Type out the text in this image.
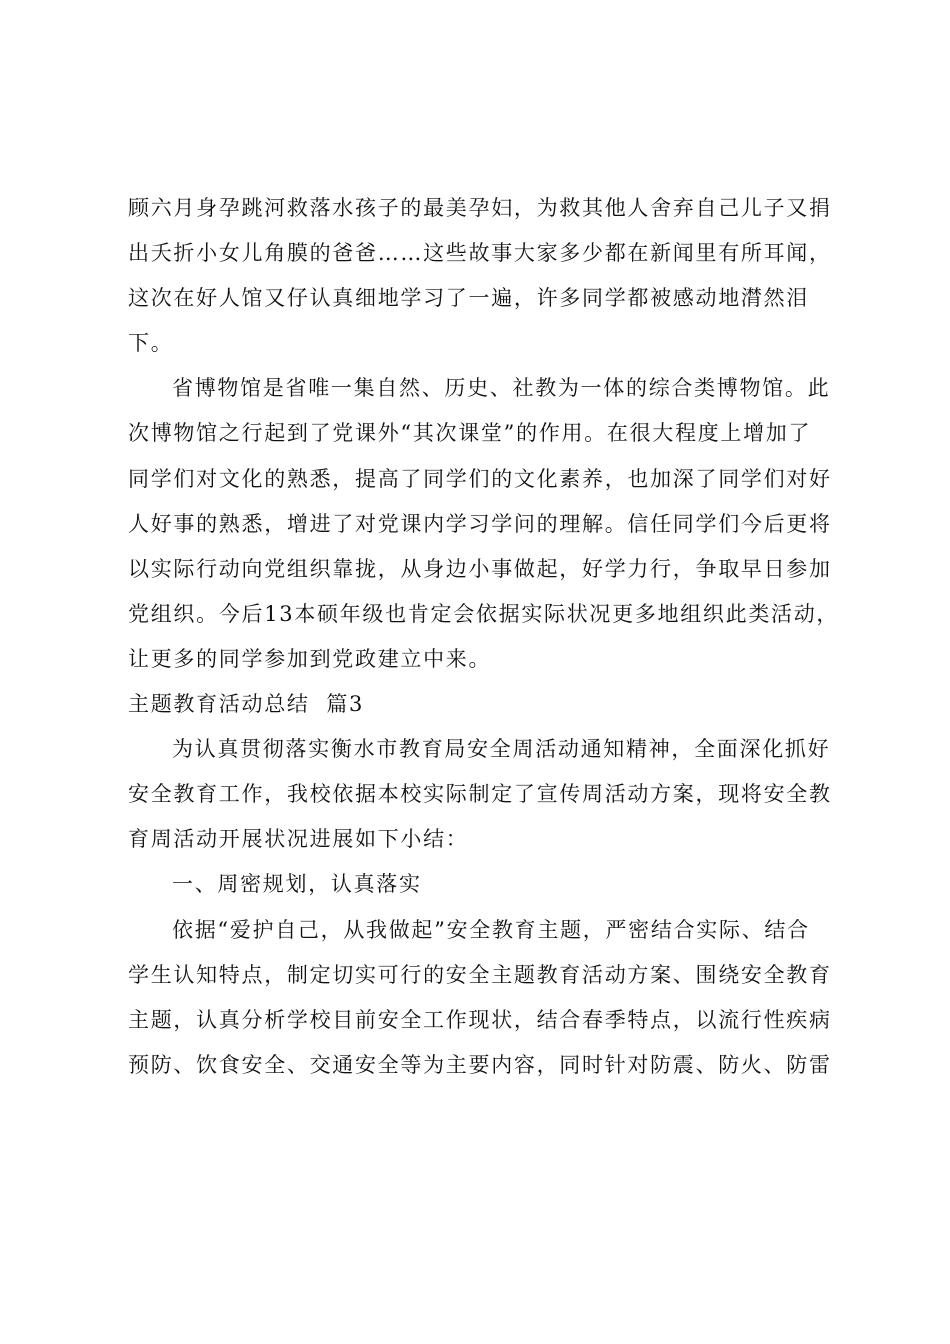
顾六月身孕跳河救落水孩子的最美孕妇，为救其他人舍弃自己儿子又捐
出夭折小女儿角膜的爸爸……这些故事大家多少都在新闻里有所耳闻，
这次在好人馆又仔认真细地学习了一遍，许多同学都被感动地潸然泪
下。

省博物馆是省唯一集自然、历史、社教为一体的综合类博物馆。此
次博物馆之行起到了党课外“其次课堂”的作用。在很大程度上增加了
同学们对文化的熟悉，提高了同学们的文化素养，也加深了同学们对好
人好事的熟悉，增进了对党课内学习学问的理解。信任同学们今后更将
以实际行动向党组织靠拢，从身边小事做起，好学力行，争取早日参加
党组织。今后13本硕年级也肯定会依据实际状况更多地组织此类活动，
让更多的同学参加到党政建立中来。

主题教育活动总结  篇3

为认真贯彻落实衡水市教育局安全周活动通知精神，全面深化抓好
安全教育工作，我校依据本校实际制定了宣传周活动方案，现将安全教
育周活动开展状况进展如下小结：

一、周密规划，认真落实

依据“爱护自己，从我做起”安全教育主题，严密结合实际、结合
学生认知特点，制定切实可行的安全主题教育活动方案、围绕安全教育
主题，认真分析学校目前安全工作现状，结合春季特点，以流行性疾病
预防、饮食安全、交通安全等为主要内容，同时针对防震、防火、防雷
